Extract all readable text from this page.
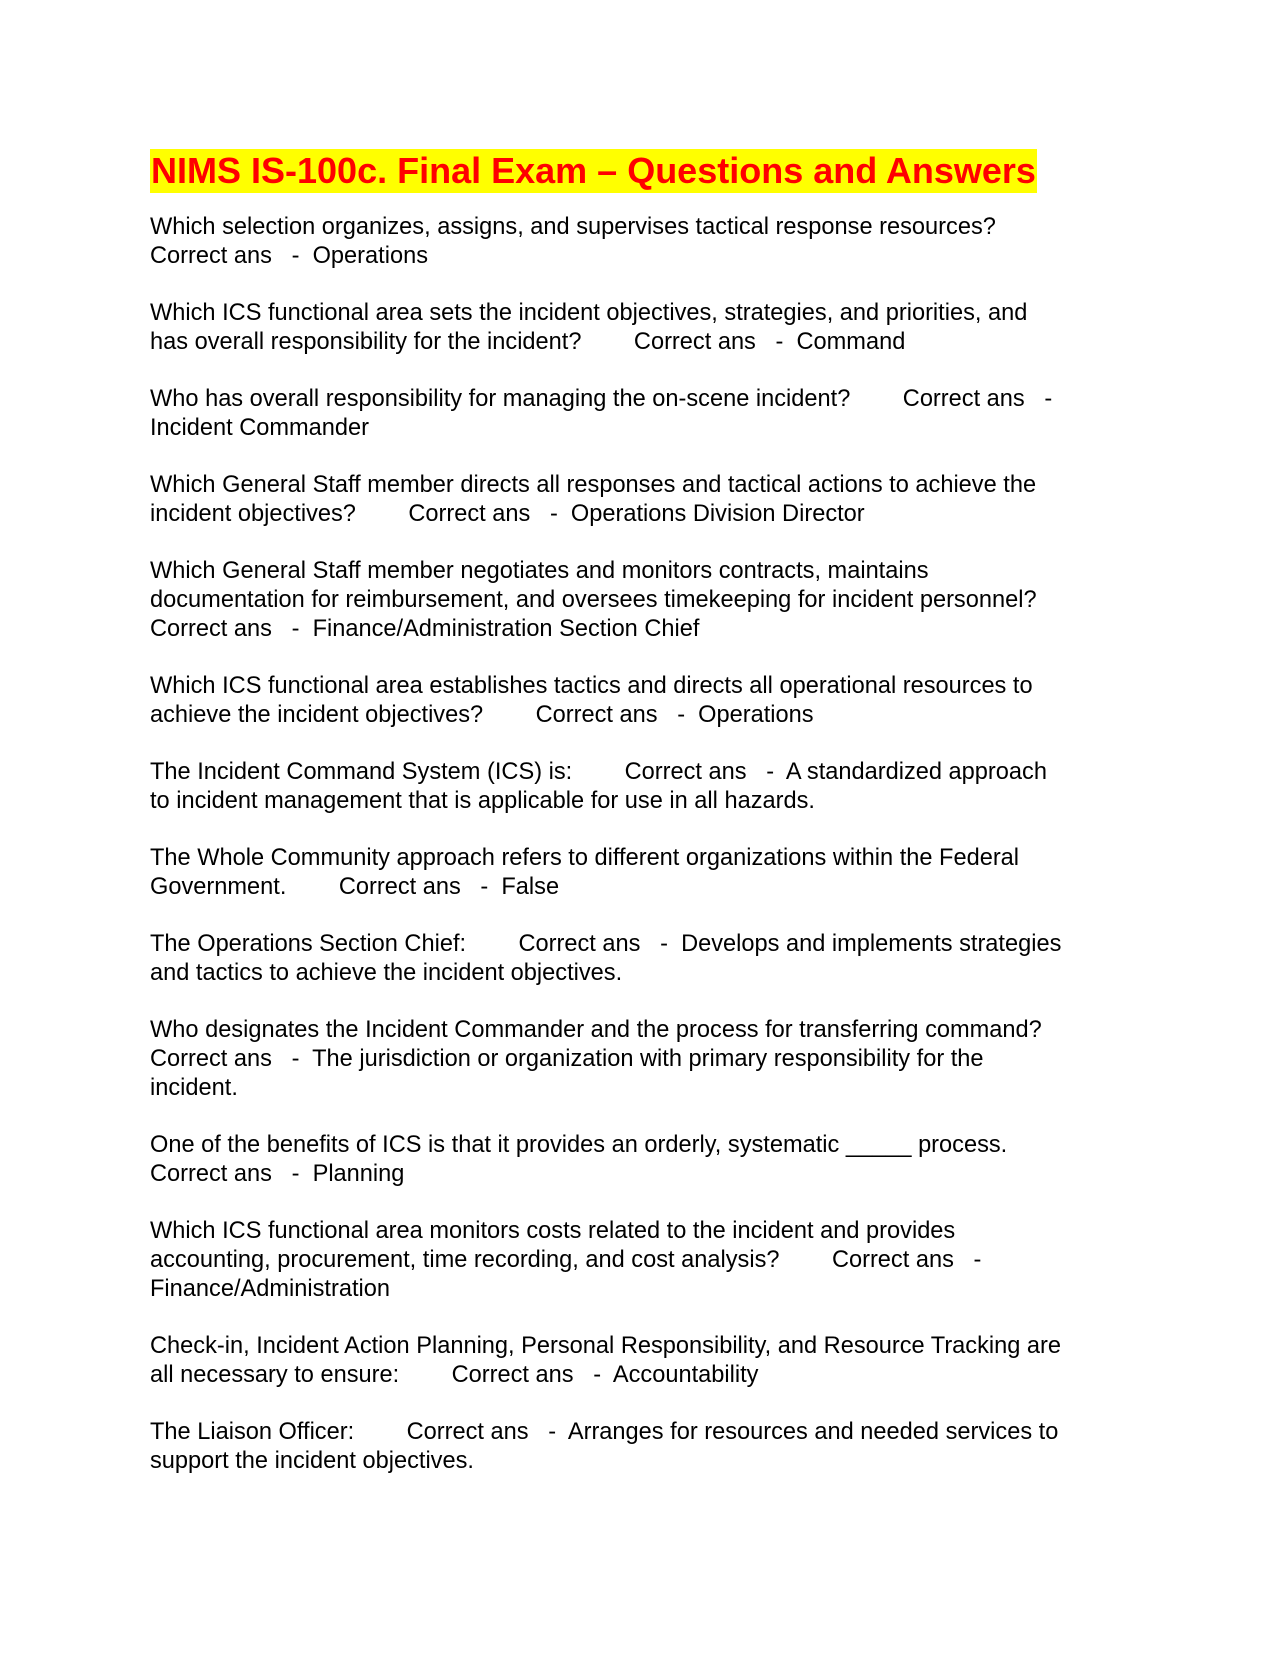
NIMS IS-100c. Final Exam – Questions and Answers
Which selection organizes, assigns, and supervises tactical response resources?
Correct ans   -  Operations
Which ICS functional area sets the incident objectives, strategies, and priorities, and
has overall responsibility for the incident?        Correct ans   -  Command
Who has overall responsibility for managing the on-scene incident?        Correct ans   -
Incident Commander
Which General Staff member directs all responses and tactical actions to achieve the
incident objectives?        Correct ans   -  Operations Division Director
Which General Staff member negotiates and monitors contracts, maintains
documentation for reimbursement, and oversees timekeeping for incident personnel?
Correct ans   -  Finance/Administration Section Chief
Which ICS functional area establishes tactics and directs all operational resources to
achieve the incident objectives?        Correct ans   -  Operations
The Incident Command System (ICS) is:        Correct ans   -  A standardized approach
to incident management that is applicable for use in all hazards.
The Whole Community approach refers to different organizations within the Federal
Government.        Correct ans   -  False
The Operations Section Chief:        Correct ans   -  Develops and implements strategies
and tactics to achieve the incident objectives.
Who designates the Incident Commander and the process for transferring command?
Correct ans   -  The jurisdiction or organization with primary responsibility for the
incident.
One of the benefits of ICS is that it provides an orderly, systematic _____ process.
Correct ans   -  Planning
Which ICS functional area monitors costs related to the incident and provides
accounting, procurement, time recording, and cost analysis?        Correct ans   -
Finance/Administration
Check-in, Incident Action Planning, Personal Responsibility, and Resource Tracking are
all necessary to ensure:        Correct ans   -  Accountability
The Liaison Officer:        Correct ans   -  Arranges for resources and needed services to
support the incident objectives.
